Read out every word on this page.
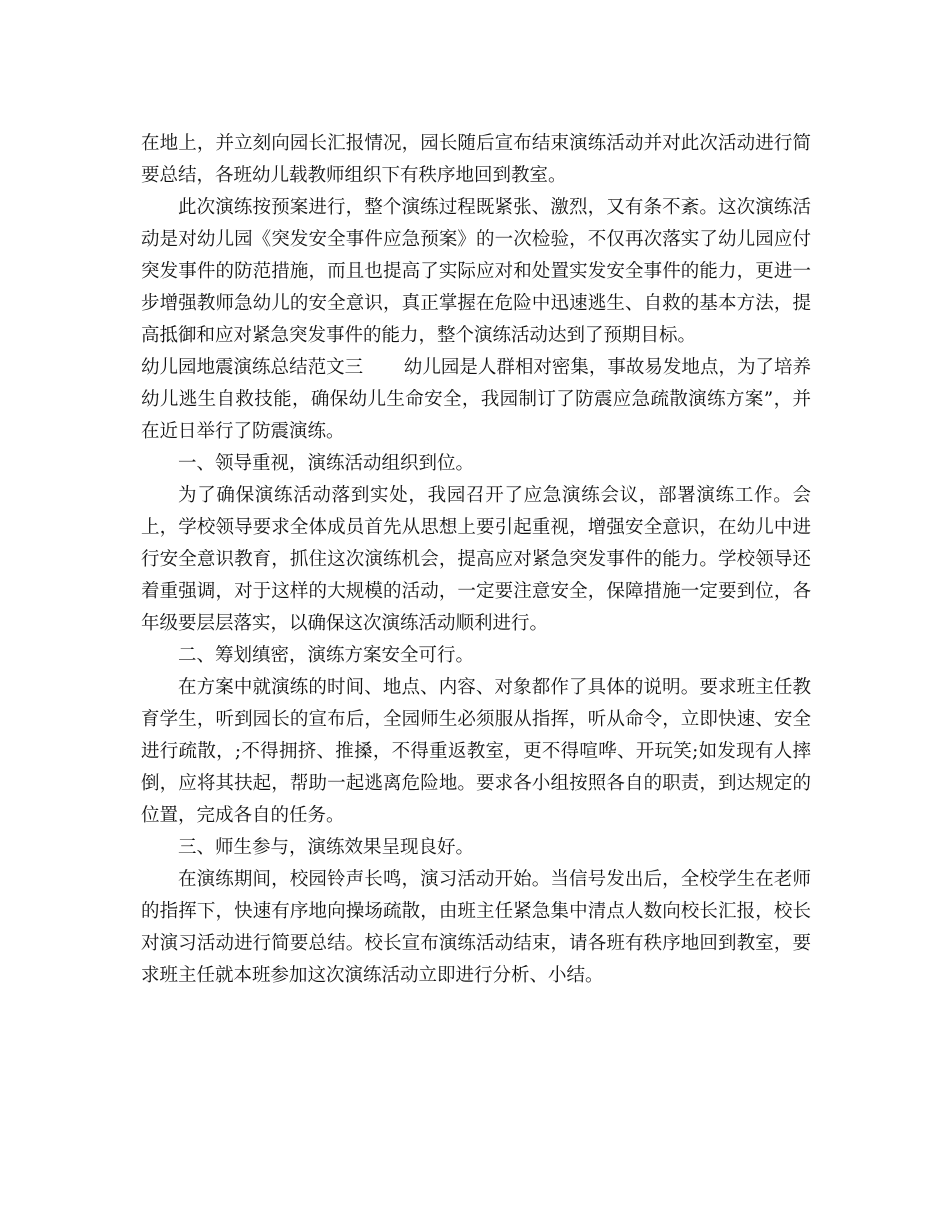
在地上，并立刻向园长汇报情况，园长随后宣布结束演练活动并对此次活动进行简要总结，各班幼儿载教师组织下有秩序地回到教室。

此次演练按预案进行，整个演练过程既紧张、激烈，又有条不紊。这次演练活动是对幼儿园《突发安全事件应急预案》的一次检验，不仅再次落实了幼儿园应付突发事件的防范措施，而且也提高了实际应对和处置实发安全事件的能力，更进一步增强教师急幼儿的安全意识，真正掌握在危险中迅速逃生、自救的基本方法，提高抵御和应对紧急突发事件的能力，整个演练活动达到了预期目标。

幼儿园地震演练总结范文三 幼儿园是人群相对密集，事故易发地点，为了培养幼儿逃生自救技能，确保幼儿生命安全，我园制订了防震应急疏散演练方案”，并在近日举行了防震演练。

一、领导重视，演练活动组织到位。

为了确保演练活动落到实处，我园召开了应急演练会议，部署演练工作。会上，学校领导要求全体成员首先从思想上要引起重视，增强安全意识，在幼儿中进行安全意识教育，抓住这次演练机会，提高应对紧急突发事件的能力。学校领导还着重强调，对于这样的大规模的活动，一定要注意安全，保障措施一定要到位，各年级要层层落实，以确保这次演练活动顺利进行。

二、筹划缜密，演练方案安全可行。

在方案中就演练的时间、地点、内容、对象都作了具体的说明。要求班主任教育学生，听到园长的宣布后，全园师生必须服从指挥，听从命令，立即快速、安全进行疏散，;不得拥挤、推搡，不得重返教室，更不得喧哗、开玩笑;如发现有人摔倒，应将其扶起，帮助一起逃离危险地。要求各小组按照各自的职责，到达规定的位置，完成各自的任务。

三、师生参与，演练效果呈现良好。

在演练期间，校园铃声长鸣，演习活动开始。当信号发出后，全校学生在老师的指挥下，快速有序地向操场疏散，由班主任紧急集中清点人数向校长汇报，校长对演习活动进行简要总结。校长宣布演练活动结束，请各班有秩序地回到教室，要求班主任就本班参加这次演练活动立即进行分析、小结。
